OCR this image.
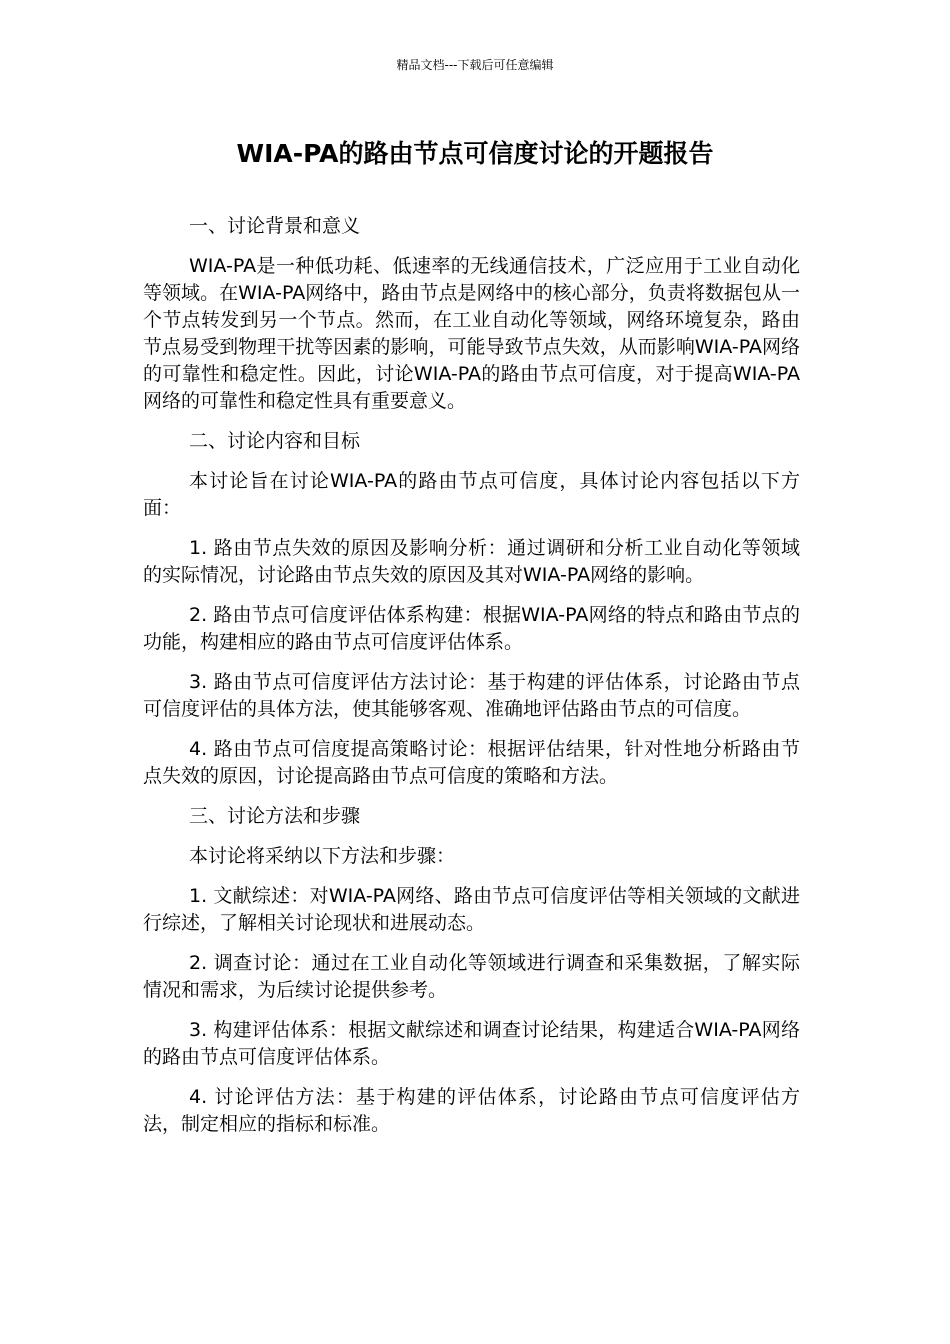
精品文档---下载后可任意编辑
WIA-PA的路由节点可信度讨论的开题报告

一、讨论背景和意义

WIA-PA是一种低功耗、低速率的无线通信技术，广泛应用于工业自动化等领域。在WIA-PA网络中，路由节点是网络中的核心部分，负责将数据包从一个节点转发到另一个节点。然而，在工业自动化等领域，网络环境复杂，路由节点易受到物理干扰等因素的影响，可能导致节点失效，从而影响WIA-PA网络的可靠性和稳定性。因此，讨论WIA-PA的路由节点可信度，对于提高WIA-PA网络的可靠性和稳定性具有重要意义。

二、讨论内容和目标

本讨论旨在讨论WIA-PA的路由节点可信度，具体讨论内容包括以下方面：

1. 路由节点失效的原因及影响分析：通过调研和分析工业自动化等领域的实际情况，讨论路由节点失效的原因及其对WIA-PA网络的影响。

2. 路由节点可信度评估体系构建：根据WIA-PA网络的特点和路由节点的功能，构建相应的路由节点可信度评估体系。

3. 路由节点可信度评估方法讨论：基于构建的评估体系，讨论路由节点可信度评估的具体方法，使其能够客观、准确地评估路由节点的可信度。

4. 路由节点可信度提高策略讨论：根据评估结果，针对性地分析路由节点失效的原因，讨论提高路由节点可信度的策略和方法。

三、讨论方法和步骤

本讨论将采纳以下方法和步骤：

1. 文献综述：对WIA-PA网络、路由节点可信度评估等相关领域的文献进行综述，了解相关讨论现状和进展动态。

2. 调查讨论：通过在工业自动化等领域进行调查和采集数据，了解实际情况和需求，为后续讨论提供参考。

3. 构建评估体系：根据文献综述和调查讨论结果，构建适合WIA-PA网络的路由节点可信度评估体系。

4. 讨论评估方法：基于构建的评估体系，讨论路由节点可信度评估方法，制定相应的指标和标准。
